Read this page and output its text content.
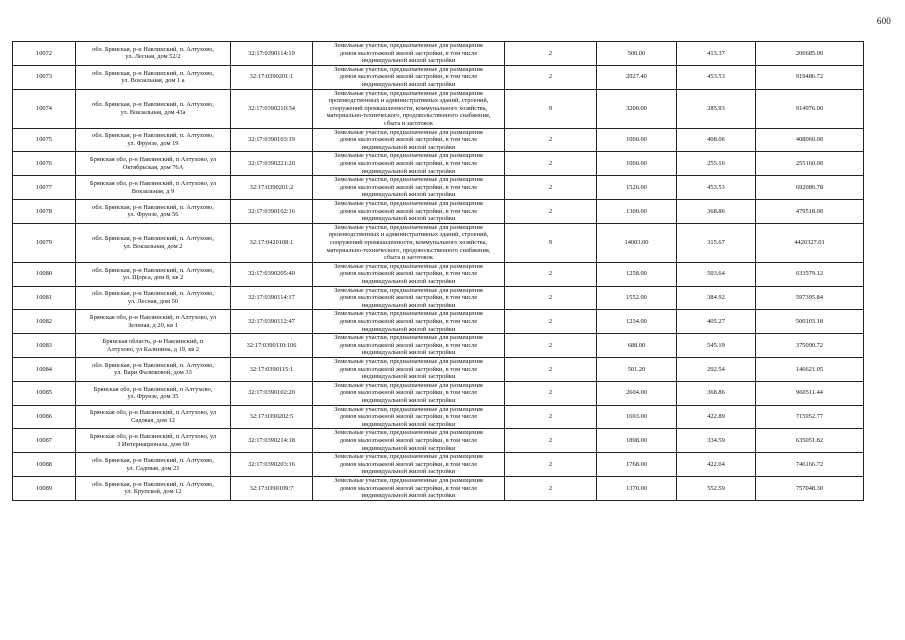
600
10072	обл. Брянская, р-н Навлинский, п. Алтухово,
ул. Лесная, дом 52/2	32:17:0390114:19	Земельные участки, предназначенные для размещения
домов малоэтажной жилой застройки, в том числе
индивидуальной жилой застройки	2	500.00	413.37	206685.00
10073	обл. Брянская, р-н Навлинский, п. Алтухово,
ул. Вокзальная, дом 1 а	32:17:0390201:1	Земельные участки, предназначенные для размещения
домов малоэтажной жилой застройки, в том числе
индивидуальной жилой застройки	2	2027.40	453.53	919486.72
10074	обл. Брянская, р-н Навлинский, п. Алтухово,
ул. Вокзальная, дом 43а	32:17:0390210:34	Земельные участки, предназначенные для размещения
производственных и административных зданий, строений,
сооружений промышленности, коммунального хозяйства,
материально-технического, продовольственного снабжения,
сбыта и заготовок	9	3200.00	285.93	914976.00
10075	обл. Брянская, р-н Навлинский, п. Алтухово,
ул. Фрунзе, дом 19	32:17:0390103:19	Земельные участки, предназначенные для размещения
домов малоэтажной жилой застройки, в том числе
индивидуальной жилой застройки	2	1000.00	408.06	408060.00
10076	Брянская обл, р-н Навлинский, п Алтухово, ул
Октябрьская, дом 76А	32:17:0390221:20	Земельные участки, предназначенные для размещения
домов малоэтажной жилой застройки, в том числе
индивидуальной жилой застройки	2	1000.00	255.16	255160.00
10077	Брянская обл, р-н Навлинский, п Алтухово, ул
Вокзальная, д 9	32:17:0390201:2	Земельные участки, предназначенные для размещения
домов малоэтажной жилой застройки, в том числе
индивидуальной жилой застройки	2	1526.00	453.53	692086.78
10078	обл. Брянская, р-н Навлинский, п. Алтухово,
ул. Фрунзе, дом 56	32:17:0390102:16	Земельные участки, предназначенные для размещения
домов малоэтажной жилой застройки, в том числе
индивидуальной жилой застройки	2	1300.00	368.86	479518.00
10079	обл. Брянская, р-н Навлинский, п. Алтухово,
ул. Вокзальная, дом 2	32:17:0420108:1	Земельные участки, предназначенные для размещения
производственных и административных зданий, строений,
сооружений промышленности, коммунального хозяйства,
материально-технического, продовольственного снабжения,
сбыта и заготовок	9	14003.00	315.67	4420327.01
10080	обл. Брянская, р-н Навлинский, п. Алтухово,
ул. Щорса, дом 8, кв 2	32:17:0390205:40	Земельные участки, предназначенные для размещения
домов малоэтажной жилой застройки, в том числе
индивидуальной жилой застройки	2	1258.00	503.64	633579.12
10081	обл. Брянская, р-н Навлинский, п. Алтухово,
ул. Лесная, дом 50	32:17:0390114:17	Земельные участки, предназначенные для размещения
домов малоэтажной жилой застройки, в том числе
индивидуальной жилой застройки	2	1552.00	384.92	597395.84
10082	Брянская обл, р-н Навлинский, п Алтухово, ул
Зеленая, д 20, кв 1	32:17:0390112:47	Земельные участки, предназначенные для размещения
домов малоэтажной жилой застройки, в том числе
индивидуальной жилой застройки	2	1234.00	405.27	500103.18
10083	Брянская область, р-н Навлинский, п
Алтухово, ул Калинина, д 19, кв 2	32:17:0390110:106	Земельные участки, предназначенные для размещения
домов малоэтажной жилой застройки, в том числе
индивидуальной жилой застройки	2	688.00	545.19	375090.72
10084	обл. Брянская, р-н Навлинский, п. Алтухово,
ул. Вари Фалюковой, дом 33	32:17:0390115:1	Земельные участки, предназначенные для размещения
домов малоэтажной жилой застройки, в том числе
индивидуальной жилой застройки	2	501.20	292.54	146621.05
10085	Брянская обл, р-н Навлинский, п Алтухово,
ул. Фрунзе, дом 35	32:17:0390102:20	Земельные участки, предназначенные для размещения
домов малоэтажной жилой застройки, в том числе
индивидуальной жилой застройки	2	2604.00	368.86	960511.44
10086	Брянская обл, р-н Навлинский, п Алтухово, ул
Садовая, дом 12	32:17:0390202:5	Земельные участки, предназначенные для размещения
домов малоэтажной жилой застройки, в том числе
индивидуальной жилой застройки	2	1693.00	422.89	715952.77
10087	Брянская обл, р-н Навлинский, п Алтухово, ул
3 Интернационала, дом 60	32:17:0390214:18	Земельные участки, предназначенные для размещения
домов малоэтажной жилой застройки, в том числе
индивидуальной жилой застройки	2	1898.00	334.59	635051.82
10088	обл. Брянская, р-н Навлинский, п. Алтухово,
ул. Садовая, дом 21	32:17:0390203:16	Земельные участки, предназначенные для размещения
домов малоэтажной жилой застройки, в том числе
индивидуальной жилой застройки	2	1768.00	422.04	746166.72
10089	обл. Брянская, р-н Навлинский, п. Алтухово,
ул. Крупской, дом 12	32:17:0390109:7	Земельные участки, предназначенные для размещения
домов малоэтажной жилой застройки, в том числе
индивидуальной жилой застройки	2	1370.00	552.59	757048.30
